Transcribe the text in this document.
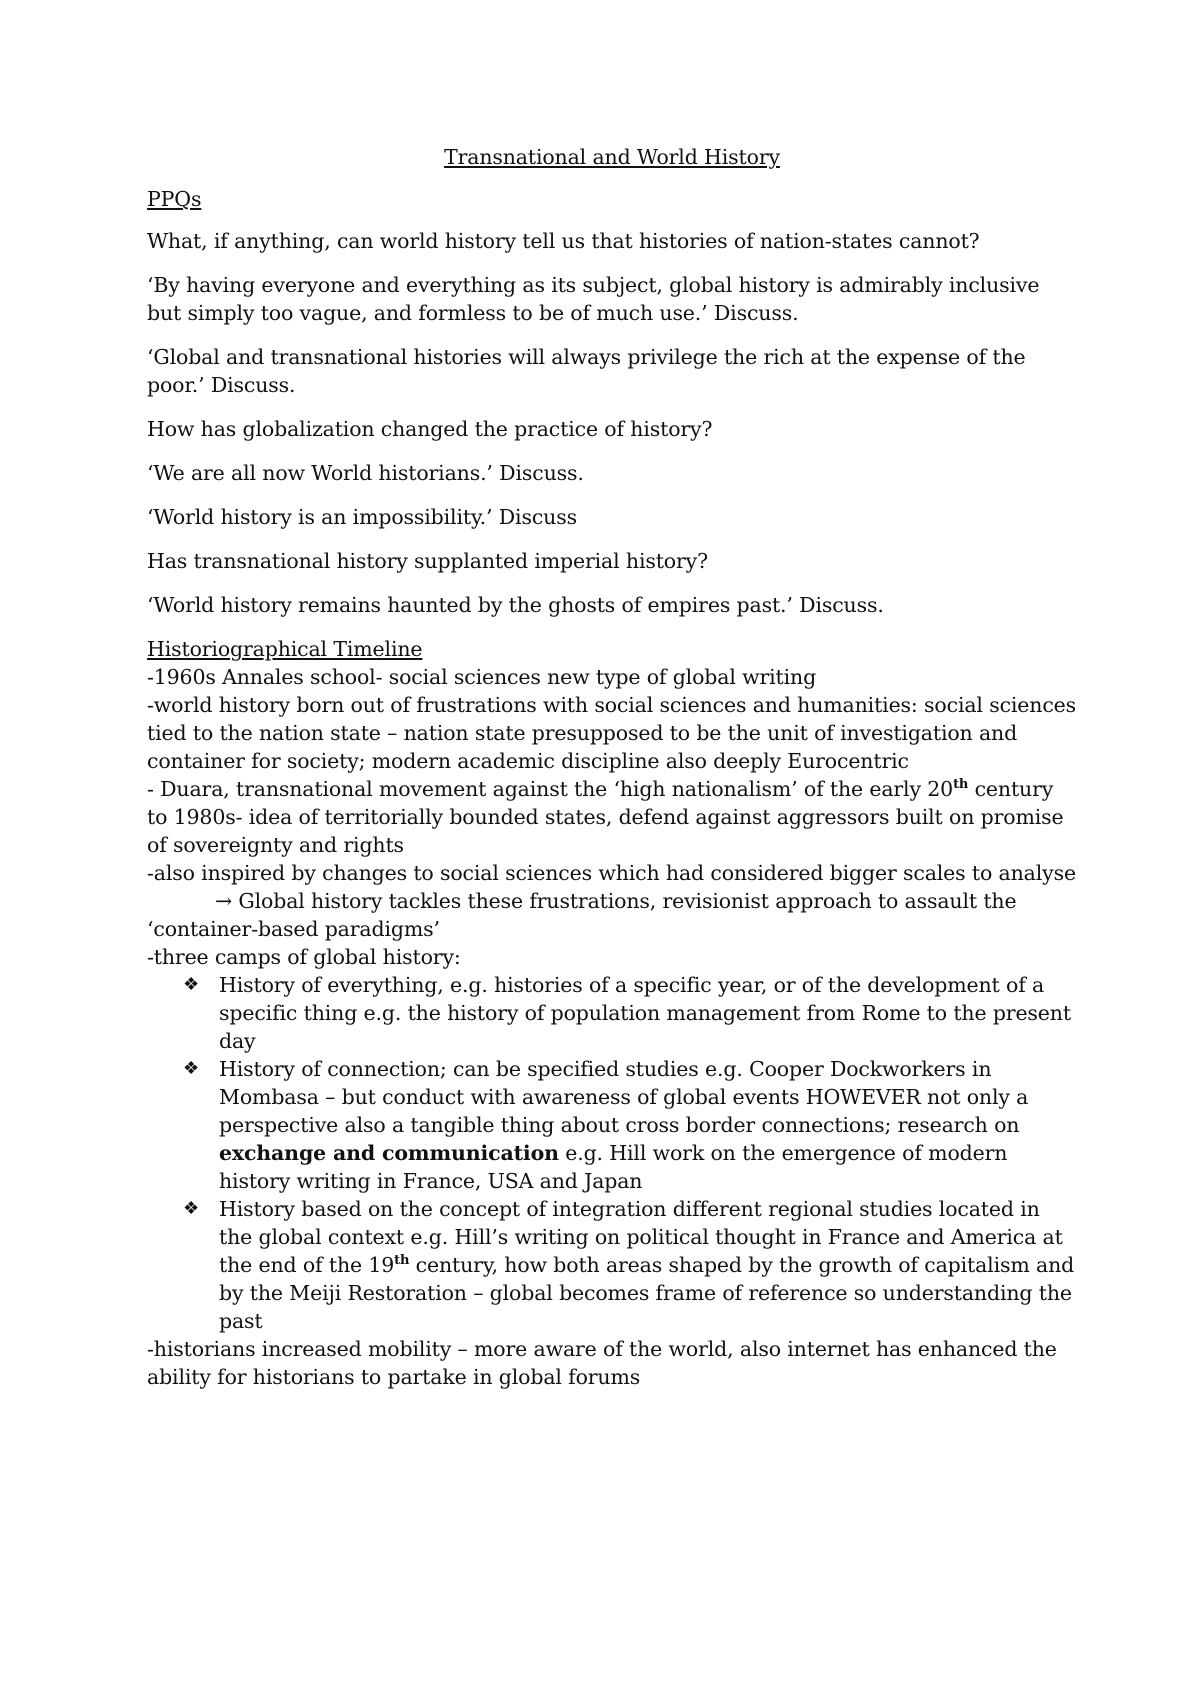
Transnational and World History

PPQs

What, if anything, can world history tell us that histories of nation-states cannot?

‘By having everyone and everything as its subject, global history is admirably inclusive but simply too vague, and formless to be of much use.’ Discuss.

‘Global and transnational histories will always privilege the rich at the expense of the poor.’ Discuss.

How has globalization changed the practice of history?

‘We are all now World historians.’ Discuss.

‘World history is an impossibility.’ Discuss

Has transnational history supplanted imperial history?

‘World history remains haunted by the ghosts of empires past.’ Discuss.

Historiographical Timeline

-1960s Annales school- social sciences new type of global writing

-world history born out of frustrations with social sciences and humanities: social sciences tied to the nation state – nation state presupposed to be the unit of investigation and container for society; modern academic discipline also deeply Eurocentric

- Duara, transnational movement against the ‘high nationalism’ of the early 20th century to 1980s- idea of territorially bounded states, defend against aggressors built on promise of sovereignty and rights

-also inspired by changes to social sciences which had considered bigger scales to analyse

→ Global history tackles these frustrations, revisionist approach to assault the ‘container-based paradigms’

-three camps of global history:

❖ History of everything, e.g. histories of a specific year, or of the development of a specific thing e.g. the history of population management from Rome to the present day
❖ History of connection; can be specified studies e.g. Cooper Dockworkers in Mombasa – but conduct with awareness of global events HOWEVER not only a perspective also a tangible thing about cross border connections; research on exchange and communication e.g. Hill work on the emergence of modern history writing in France, USA and Japan
❖ History based on the concept of integration different regional studies located in the global context e.g. Hill’s writing on political thought in France and America at the end of the 19th century, how both areas shaped by the growth of capitalism and by the Meiji Restoration – global becomes frame of reference so understanding the past

-historians increased mobility – more aware of the world, also internet has enhanced the ability for historians to partake in global forums
